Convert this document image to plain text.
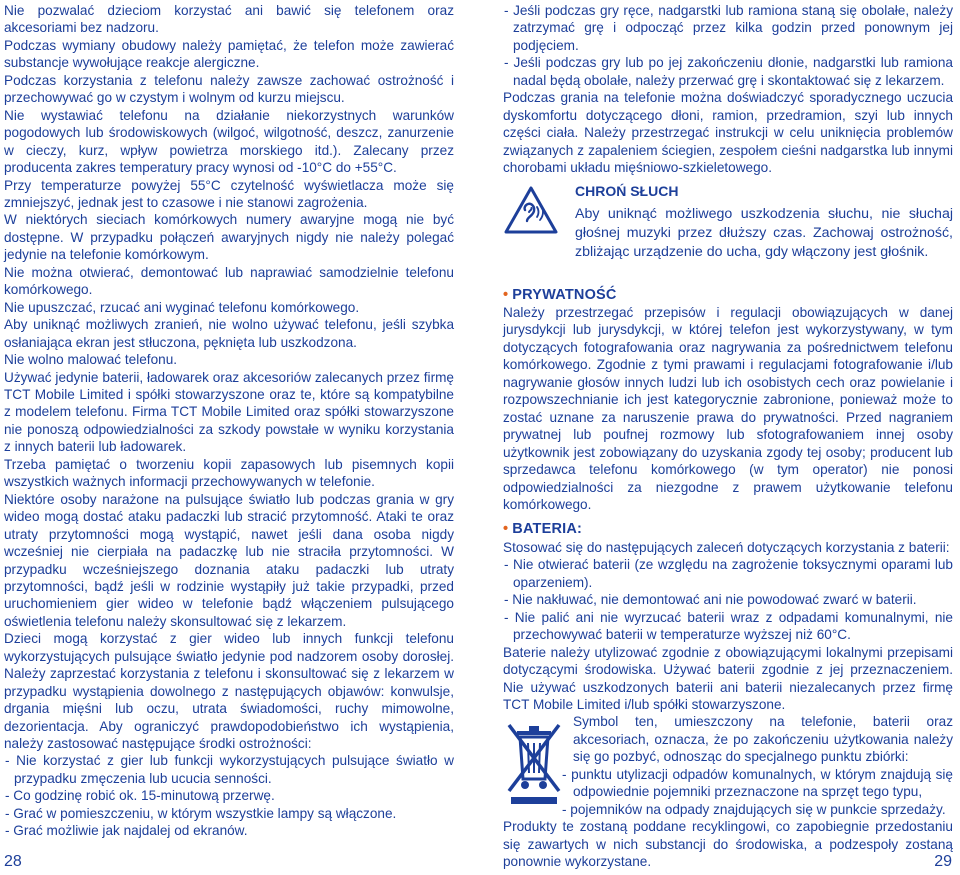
Nie pozwalać dzieciom korzystać ani bawić się telefonem oraz akcesoriami bez nadzoru.

Podczas wymiany obudowy należy pamiętać, że telefon może zawierać substancje wywołujące reakcje alergiczne.

Podczas korzystania z telefonu należy zawsze zachować ostrożność i przechowywać go w czystym i wolnym od kurzu miejscu.

Nie wystawiać telefonu na działanie niekorzystnych warunków pogodowych lub środowiskowych (wilgoć, wilgotność, deszcz, zanurzenie w cieczy, kurz, wpływ powietrza morskiego itd.). Zalecany przez producenta zakres temperatury pracy wynosi od -10°C do +55°C.

Przy temperaturze powyżej 55°C czytelność wyświetlacza może się zmniejszyć, jednak jest to czasowe i nie stanowi zagrożenia.

W niektórych sieciach komórkowych numery awaryjne mogą nie być dostępne. W przypadku połączeń awaryjnych nigdy nie należy polegać jedynie na telefonie komórkowym.

Nie można otwierać, demontować lub naprawiać samodzielnie telefonu komórkowego.

Nie upuszczać, rzucać ani wyginać telefonu komórkowego.

Aby uniknąć możliwych zranień, nie wolno używać telefonu, jeśli szybka osłaniająca ekran jest stłuczona, pęknięta lub uszkodzona.

Nie wolno malować telefonu.

Używać jedynie baterii, ładowarek oraz akcesoriów zalecanych przez firmę TCT Mobile Limited i spółki stowarzyszone oraz te, które są kompatybilne z modelem telefonu. Firma TCT Mobile Limited oraz spółki stowarzyszone nie ponoszą odpowiedzialności za szkody powstałe w wyniku korzystania z innych baterii lub ładowarek.

Trzeba pamiętać o tworzeniu kopii zapasowych lub pisemnych kopii wszystkich ważnych informacji przechowywanych w telefonie.

Niektóre osoby narażone na pulsujące światło lub podczas grania w gry wideo mogą dostać ataku padaczki lub stracić przytomność. Ataki te oraz utraty przytomności mogą wystąpić, nawet jeśli dana osoba nigdy wcześniej nie cierpiała na padaczkę lub nie straciła przytomności. W przypadku wcześniejszego doznania ataku padaczki lub utraty przytomności, bądź jeśli w rodzinie wystąpiły już takie przypadki, przed uruchomieniem gier wideo w telefonie bądź włączeniem pulsującego oświetlenia telefonu należy skonsultować się z lekarzem.

Dzieci mogą korzystać z gier wideo lub innych funkcji telefonu wykorzystujących pulsujące światło jedynie pod nadzorem osoby dorosłej. Należy zaprzestać korzystania z telefonu i skonsultować się z lekarzem w przypadku wystąpienia dowolnego z następujących objawów: konwulsje, drgania mięśni lub oczu, utrata świadomości, ruchy mimowolne, dezorientacja. Aby ograniczyć prawdopodobieństwo ich wystąpienia, należy zastosować następujące środki ostrożności:

- Nie korzystać z gier lub funkcji wykorzystujących pulsujące światło w przypadku zmęczenia lub ucucia senności.

- Co godzinę robić ok. 15-minutową przerwę.

- Grać w pomieszczeniu, w którym wszystkie lampy są włączone.

- Grać możliwie jak najdalej od ekranów.

- Jeśli podczas gry ręce, nadgarstki lub ramiona staną się obolałe, należy zatrzymać grę i odpocząć przez kilka godzin przed ponownym jej podjęciem.

- Jeśli podczas gry lub po jej zakończeniu dłonie, nadgarstki lub ramiona nadal będą obolałe, należy przerwać grę i skontaktować się z lekarzem.

Podczas grania na telefonie można doświadczyć sporadycznego uczucia dyskomfortu dotyczącego dłoni, ramion, przedramion, szyi lub innych części ciała. Należy przestrzegać instrukcji w celu uniknięcia problemów związanych z zapaleniem ściegien, zespołem cieśni nadgarstka lub innymi chorobami układu mięśniowo-szkieletowego.

CHROŃ SŁUCH
Aby uniknąć możliwego uszkodzenia słuchu, nie słuchaj głośnej muzyki przez dłuższy czas. Zachowaj ostrożność, zbliżając urządzenie do ucha, gdy włączony jest głośnik.

• PRYWATNOŚĆ

Należy przestrzegać przepisów i regulacji obowiązujących w danej jurysdykcji lub jurysdykcji, w której telefon jest wykorzystywany, w tym dotyczących fotografowania oraz nagrywania za pośrednictwem telefonu komórkowego. Zgodnie z tymi prawami i regulacjami fotografowanie i/lub nagrywanie głosów innych ludzi lub ich osobistych cech oraz powielanie i rozpowszechnianie ich jest kategorycznie zabronione, ponieważ może to zostać uznane za naruszenie prawa do prywatności. Przed nagraniem prywatnej lub poufnej rozmowy lub sfotografowaniem innej osoby użytkownik jest zobowiązany do uzyskania zgody tej osoby; producent lub sprzedawca telefonu komórkowego (w tym operator) nie ponosi odpowiedzialności za niezgodne z prawem użytkowanie telefonu komórkowego.

• BATERIA:

Stosować się do następujących zaleceń dotyczących korzystania z baterii:

- Nie otwierać baterii (ze względu na zagrożenie toksycznymi oparami lub oparzeniem).

- Nie nakłuwać, nie demontować ani nie powodować zwarć w baterii.

- Nie palić ani nie wyrzucać baterii wraz z odpadami komunalnymi, nie przechowywać baterii w temperaturze wyższej niż 60°C.

Baterie należy utylizować zgodnie z obowiązującymi lokalnymi przepisami dotyczącymi środowiska. Używać baterii zgodnie z jej przeznaczeniem. Nie używać uszkodzonych baterii ani baterii niezalecanych przez firmę TCT Mobile Limited i/lub spółki stowarzyszone.

Symbol ten, umieszczony na telefonie, baterii oraz akcesoriach, oznacza, że po zakończeniu użytkowania należy się go pozbyć, odnosząc do specjalnego punktu zbiórki:

- punktu utylizacji odpadów komunalnych, w którym znajdują się odpowiednie pojemniki przeznaczone na sprzęt tego typu,

- pojemników na odpady znajdujących się w punkcie sprzedaży.

Produkty te zostaną poddane recyklingowi, co zapobiegnie przedostaniu się zawartych w nich substancji do środowiska, a podzespoły zostaną ponownie wykorzystane.

28	29
